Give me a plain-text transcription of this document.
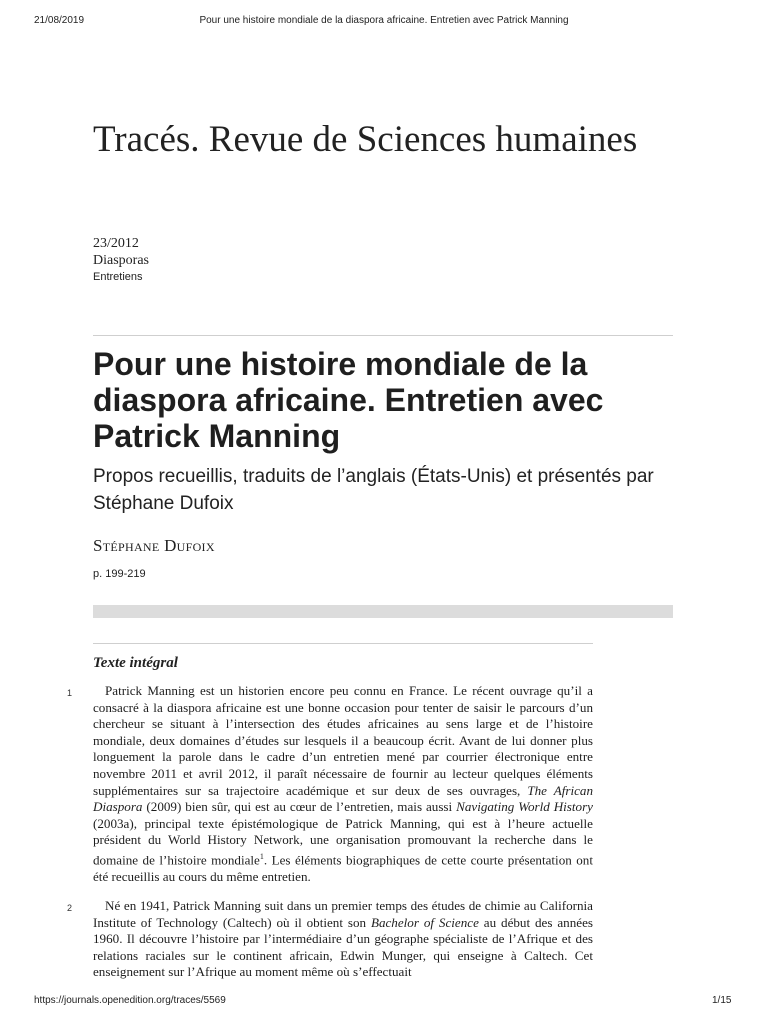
21/08/2019	Pour une histoire mondiale de la diaspora africaine. Entretien avec Patrick Manning
Tracés. Revue de Sciences humaines
23/2012
Diasporas
Entretiens
Pour une histoire mondiale de la diaspora africaine. Entretien avec Patrick Manning

Propos recueillis, traduits de l’anglais (États-Unis) et présentés par Stéphane Dufoix

Stéphane Dufoix
p. 199-219
Texte intégral
1	Patrick Manning est un historien encore peu connu en France. Le récent ouvrage qu’il a consacré à la diaspora africaine est une bonne occasion pour tenter de saisir le parcours d’un chercheur se situant à l’intersection des études africaines au sens large et de l’histoire mondiale, deux domaines d’études sur lesquels il a beaucoup écrit. Avant de lui donner plus longuement la parole dans le cadre d’un entretien mené par courrier électronique entre novembre 2011 et avril 2012, il paraît nécessaire de fournir au lecteur quelques éléments supplémentaires sur sa trajectoire académique et sur deux de ses ouvrages, The African Diaspora (2009) bien sûr, qui est au cœur de l’entretien, mais aussi Navigating World History (2003a), principal texte épistémologique de Patrick Manning, qui est à l’heure actuelle président du World History Network, une organisation promouvant la recherche dans le domaine de l’histoire mondiale$^1$. Les éléments biographiques de cette courte présentation ont été recueillis au cours du même entretien.

2	Né en 1941, Patrick Manning suit dans un premier temps des études de chimie au California Institute of Technology (Caltech) où il obtient son Bachelor of Science au début des années 1960. Il découvre l’histoire par l’intermédiaire d’un géographe spécialiste de l’Afrique et des relations raciales sur le continent africain, Edwin Munger, qui enseigne à Caltech. Cet enseignement sur l’Afrique au moment même où s’effectuait

https://journals.openedition.org/traces/5569	1/15
